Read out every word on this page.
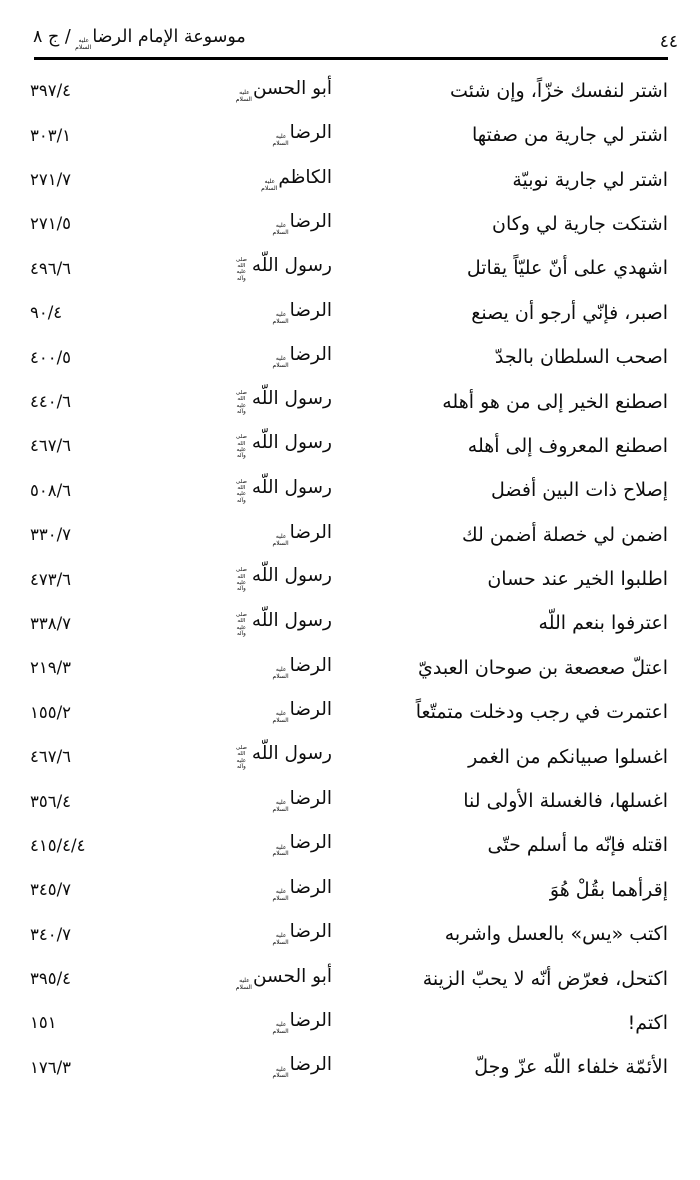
٤٤
موسوعة الإمام الرضاعليه السلام / ج ٨
اشتر لنفسك خزّاً، وإن شئت
أبو الحسنعليه السلام
٣٩٧/٤
اشتر لي جارية من صفتها
الرضاعليه السلام
٣٠٣/١
اشتر لي جارية نوبيّة
الكاظمعليه السلام
٢٧١/٧
اشتكت جارية لي وكان
الرضاعليه السلام
٢٧١/٥
اشهدي على أنّ عليّاً يقاتل
رسول اللّهصلى الله عليه وآله
٤٩٦/٦
اصبر، فإنّي أرجو أن يصنع
الرضاعليه السلام
٩٠/٤
اصحب السلطان بالجدّ
الرضاعليه السلام
٤٠٠/٥
اصطنع الخير إلى من هو أهله
رسول اللّهصلى الله عليه وآله
٤٤٠/٦
اصطنع المعروف إلى أهله
رسول اللّهصلى الله عليه وآله
٤٦٧/٦
إصلاح ذات البين أفضل
رسول اللّهصلى الله عليه وآله
٥٠٨/٦
اضمن لي خصلة أضمن لك
الرضاعليه السلام
٣٣٠/٧
اطلبوا الخير عند حسان
رسول اللّهصلى الله عليه وآله
٤٧٣/٦
اعترفوا بنعم اللّه
رسول اللّهصلى الله عليه وآله
٣٣٨/٧
اعتلّ صعصعة بن صوحان العبديّ
الرضاعليه السلام
٢١٩/٣
اعتمرت في رجب ودخلت متمتّعاً
الرضاعليه السلام
١٥٥/٢
اغسلوا صبيانكم من الغمر
رسول اللّهصلى الله عليه وآله
٤٦٧/٦
اغسلها، فالغسلة الأولى لنا
الرضاعليه السلام
٣٥٦/٤
اقتله فإنّه ما أسلم حتّى
الرضاعليه السلام
٤١٥/٤/٤
إقرأهما بقُلْ هُوَ
الرضاعليه السلام
٣٤٥/٧
اكتب «يس» بالعسل واشربه
الرضاعليه السلام
٣٤٠/٧
اكتحل، فعرّض أنّه لا يحبّ الزينة
أبو الحسنعليه السلام
٣٩٥/٤
اكتم!
الرضاعليه السلام
١٥١
الأئمّة خلفاء اللّه عزّ وجلّ
الرضاعليه السلام
١٧٦/٣
